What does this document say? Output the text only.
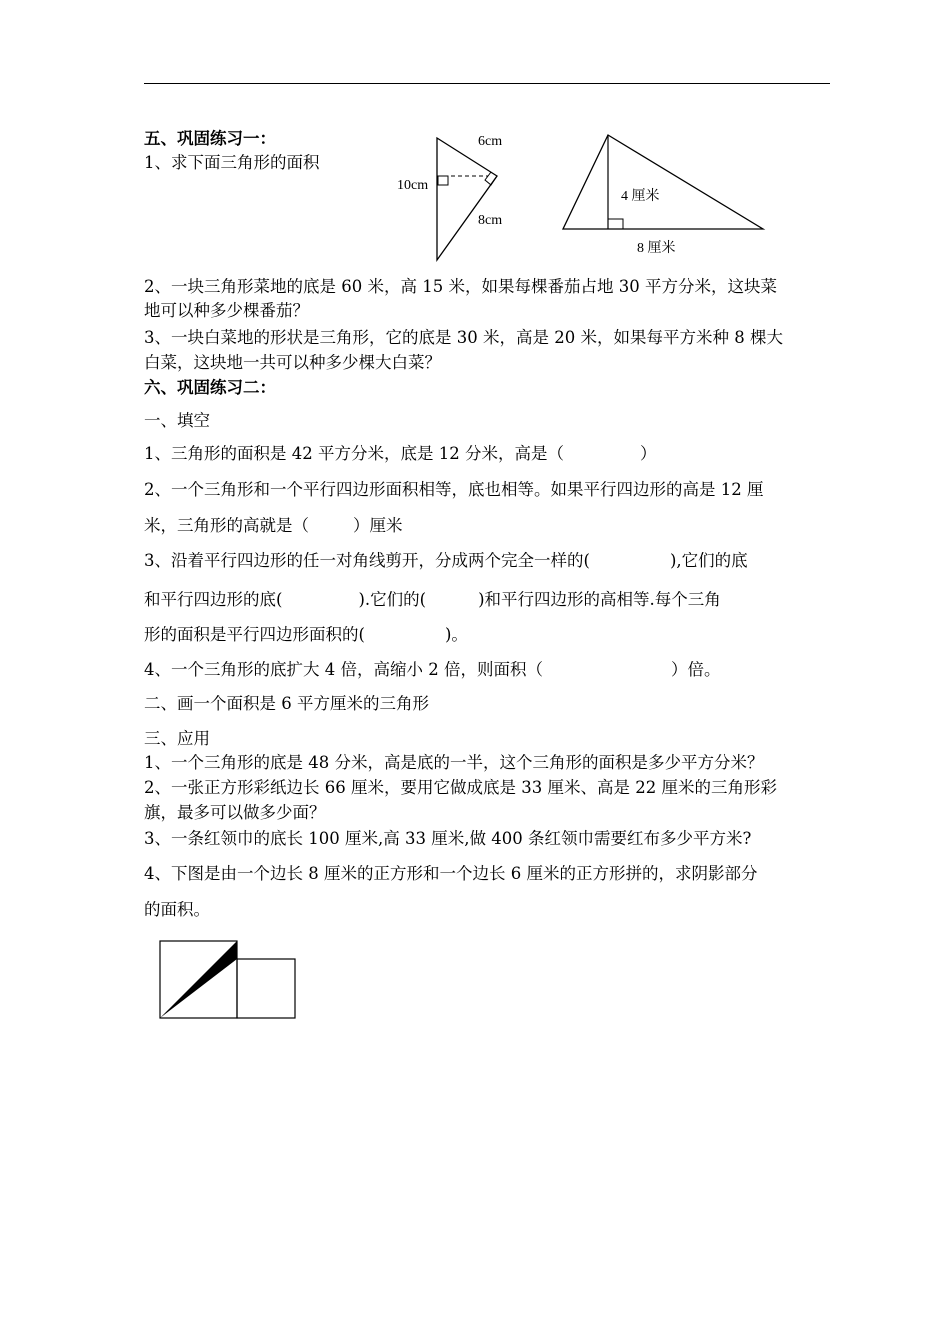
五、巩固练习一：
1、求下面三角形的面积
6cm
10cm
8cm
4 厘米
8 厘米
2、一块三角形菜地的底是 60 米，高 15 米，如果每棵番茄占地 30 平方分米，这块菜
地可以种多少棵番茄？
3、一块白菜地的形状是三角形，它的底是 30 米，高是 20 米，如果每平方米种 8 棵大
白菜，这块地一共可以种多少棵大白菜？
六、巩固练习二：
一、填空
1、三角形的面积是 42 平方分米，底是 12 分米，高是（	）
2、一个三角形和一个平行四边形面积相等，底也相等。如果平行四边形的高是 12 厘
米，三角形的高就是（	）厘米
3、沿着平行四边形的任一对角线剪开，分成两个完全一样的(	),它们的底
和平行四边形的底(	).它们的(	)和平行四边形的高相等.每个三角
形的面积是平行四边形面积的(	)。
4、一个三角形的底扩大 4 倍，高缩小 2 倍，则面积（	）倍。
二、画一个面积是 6 平方厘米的三角形
三、应用
1、一个三角形的底是 48 分米，高是底的一半，这个三角形的面积是多少平方分米？
2、一张正方形彩纸边长 66 厘米，要用它做成底是 33 厘米、高是 22 厘米的三角形彩
旗，最多可以做多少面？
3、一条红领巾的底长 100 厘米,高 33 厘米,做 400 条红领巾需要红布多少平方米?
4、下图是由一个边长 8 厘米的正方形和一个边长 6 厘米的正方形拼的，求阴影部分
的面积。
